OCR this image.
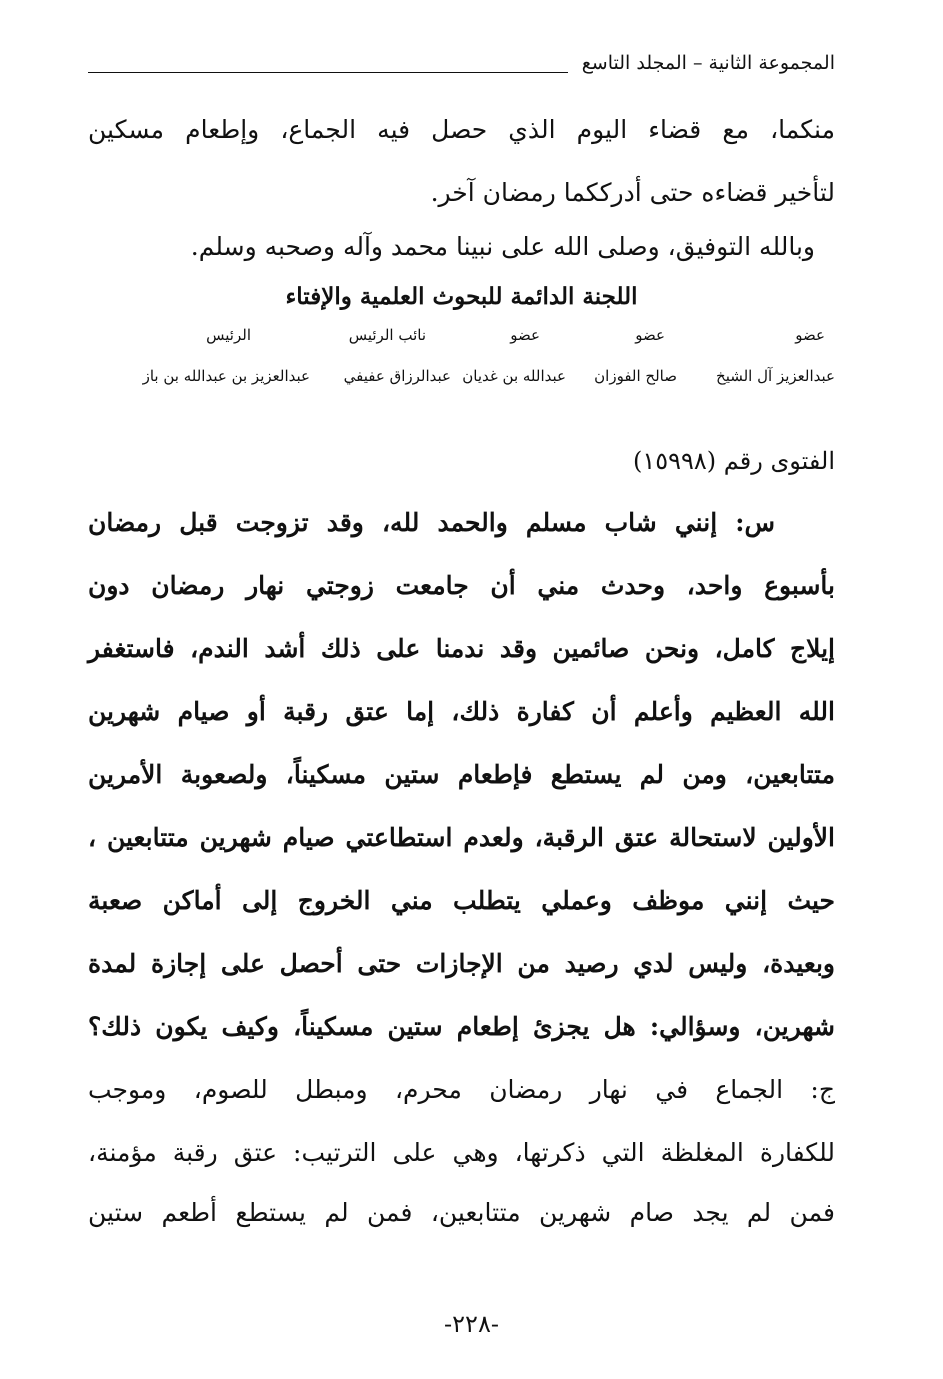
المجموعة الثانية – المجلد التاسع
منكما، مع قضاء اليوم الذي حصل فيه الجماع، وإطعام مسكين
لتأخير قضاءه حتى أدرككما رمضان آخر.
وبالله التوفيق، وصلى الله على نبينا محمد وآله وصحبه وسلم.
اللجنة الدائمة للبحوث العلمية والإفتاء
عضو
عضو
عضو
نائب الرئيس
الرئيس
عبدالعزيز آل الشيخ
صالح الفوزان
عبدالله بن غديان
عبدالرزاق عفيفي
عبدالعزيز بن عبدالله بن باز
الفتوى رقم (١٥٩٩٨)
س: إنني شاب مسلم والحمد لله، وقد تزوجت قبل رمضان
بأسبوع واحد، وحدث مني أن جامعت زوجتي نهار رمضان دون
إيلاج كامل، ونحن صائمين وقد ندمنا على ذلك أشد الندم، فاستغفر
الله العظيم وأعلم أن كفارة ذلك، إما عتق رقبة أو صيام شهرين
متتابعين، ومن لم يستطع فإطعام ستين مسكيناً، ولصعوبة الأمرين
الأولين لاستحالة عتق الرقبة، ولعدم استطاعتي صيام شهرين متتابعين ،
حيث إنني موظف وعملي يتطلب مني الخروج إلى أماكن صعبة
وبعيدة، وليس لدي رصيد من الإجازات حتى أحصل على إجازة لمدة
شهرين، وسؤالي: هل يجزئ إطعام ستين مسكيناً، وكيف يكون ذلك؟
ج: الجماع في نهار رمضان محرم، ومبطل للصوم، وموجب
للكفارة المغلظة التي ذكرتها، وهي على الترتيب: عتق رقبة مؤمنة،
فمن لم يجد صام شهرين متتابعين، فمن لم يستطع أطعم ستين
-٢٢٨-
